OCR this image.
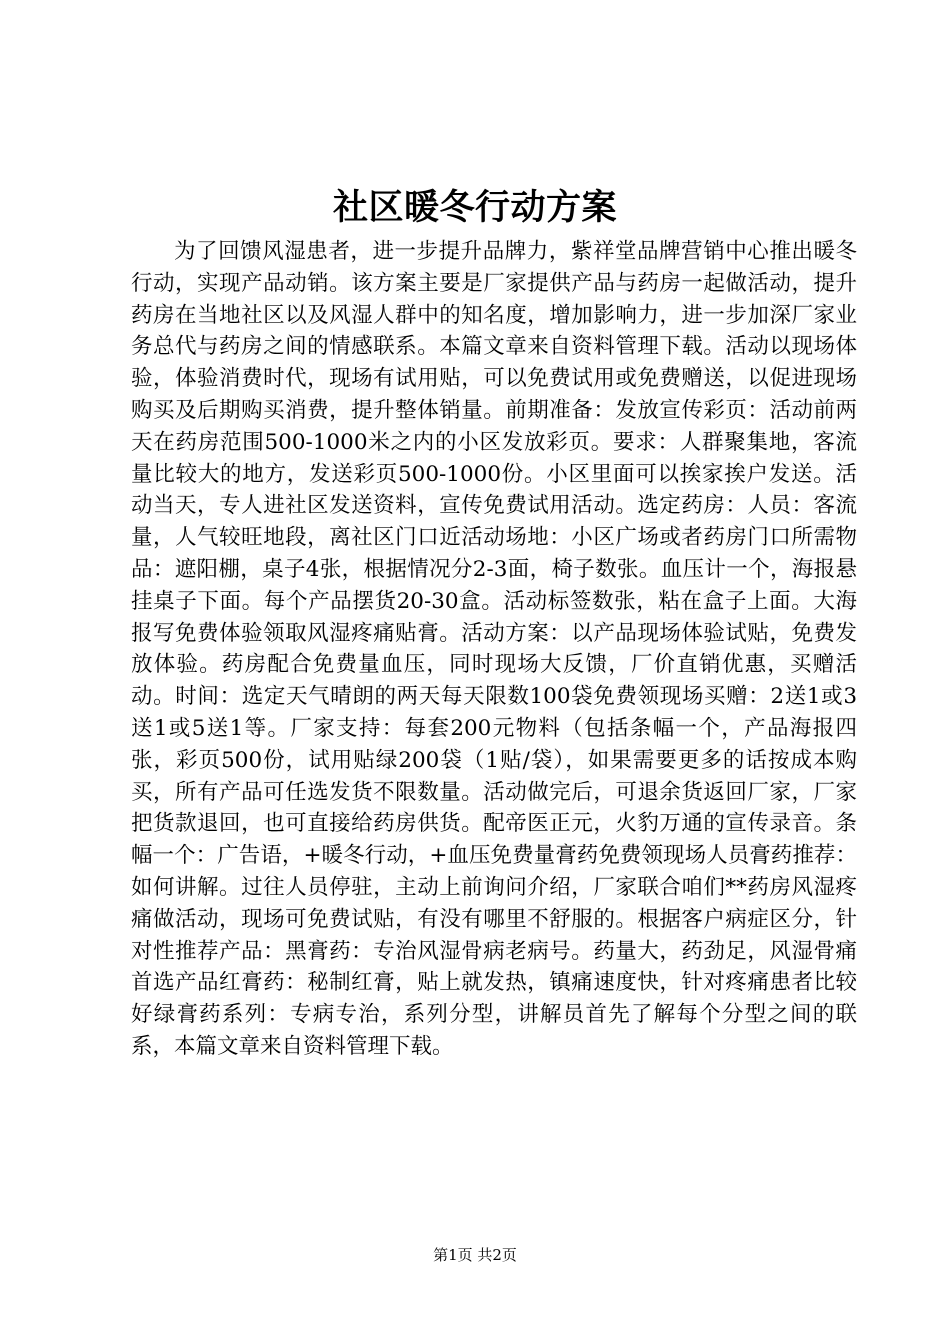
社区暖冬行动方案

为了回馈风湿患者，进一步提升品牌力，紫祥堂品牌营销中心推出暖冬行动，实现产品动销。该方案主要是厂家提供产品与药房一起做活动，提升药房在当地社区以及风湿人群中的知名度，增加影响力，进一步加深厂家业务总代与药房之间的情感联系。本篇文章来自资料管理下载。活动以现场体验，体验消费时代，现场有试用贴，可以免费试用或免费赠送，以促进现场购买及后期购买消费，提升整体销量。前期准备：发放宣传彩页：活动前两天在药房范围500-1000米之内的小区发放彩页。要求：人群聚集地，客流量比较大的地方，发送彩页500-1000份。小区里面可以挨家挨户发送。活动当天，专人进社区发送资料，宣传免费试用活动。选定药房：人员：客流量，人气较旺地段，离社区门口近活动场地：小区广场或者药房门口所需物品：遮阳棚，桌子4张，根据情况分2-3面，椅子数张。血压计一个，海报悬挂桌子下面。每个产品摆货20-30盒。活动标签数张，粘在盒子上面。大海报写免费体验领取风湿疼痛贴膏。活动方案：以产品现场体验试贴，免费发放体验。药房配合免费量血压，同时现场大反馈，厂价直销优惠，买赠活动。时间：选定天气晴朗的两天每天限数100袋免费领现场买赠：2送1或3送1或5送1等。厂家支持：每套200元物料（包括条幅一个，产品海报四张，彩页500份，试用贴绿200袋（1贴/袋），如果需要更多的话按成本购买，所有产品可任选发货不限数量。活动做完后，可退余货返回厂家，厂家把货款退回，也可直接给药房供货。配帝医正元，火豹万通的宣传录音。条幅一个：广告语，+暖冬行动，+血压免费量膏药免费领现场人员膏药推荐：如何讲解。过往人员停驻，主动上前询问介绍，厂家联合咱们**药房风湿疼痛做活动，现场可免费试贴，有没有哪里不舒服的。根据客户病症区分，针对性推荐产品：黑膏药：专治风湿骨病老病号。药量大，药劲足，风湿骨痛首选产品红膏药：秘制红膏，贴上就发热，镇痛速度快，针对疼痛患者比较好绿膏药系列：专病专治，系列分型，讲解员首先了解每个分型之间的联系，本篇文章来自资料管理下载。

第1页 共2页
